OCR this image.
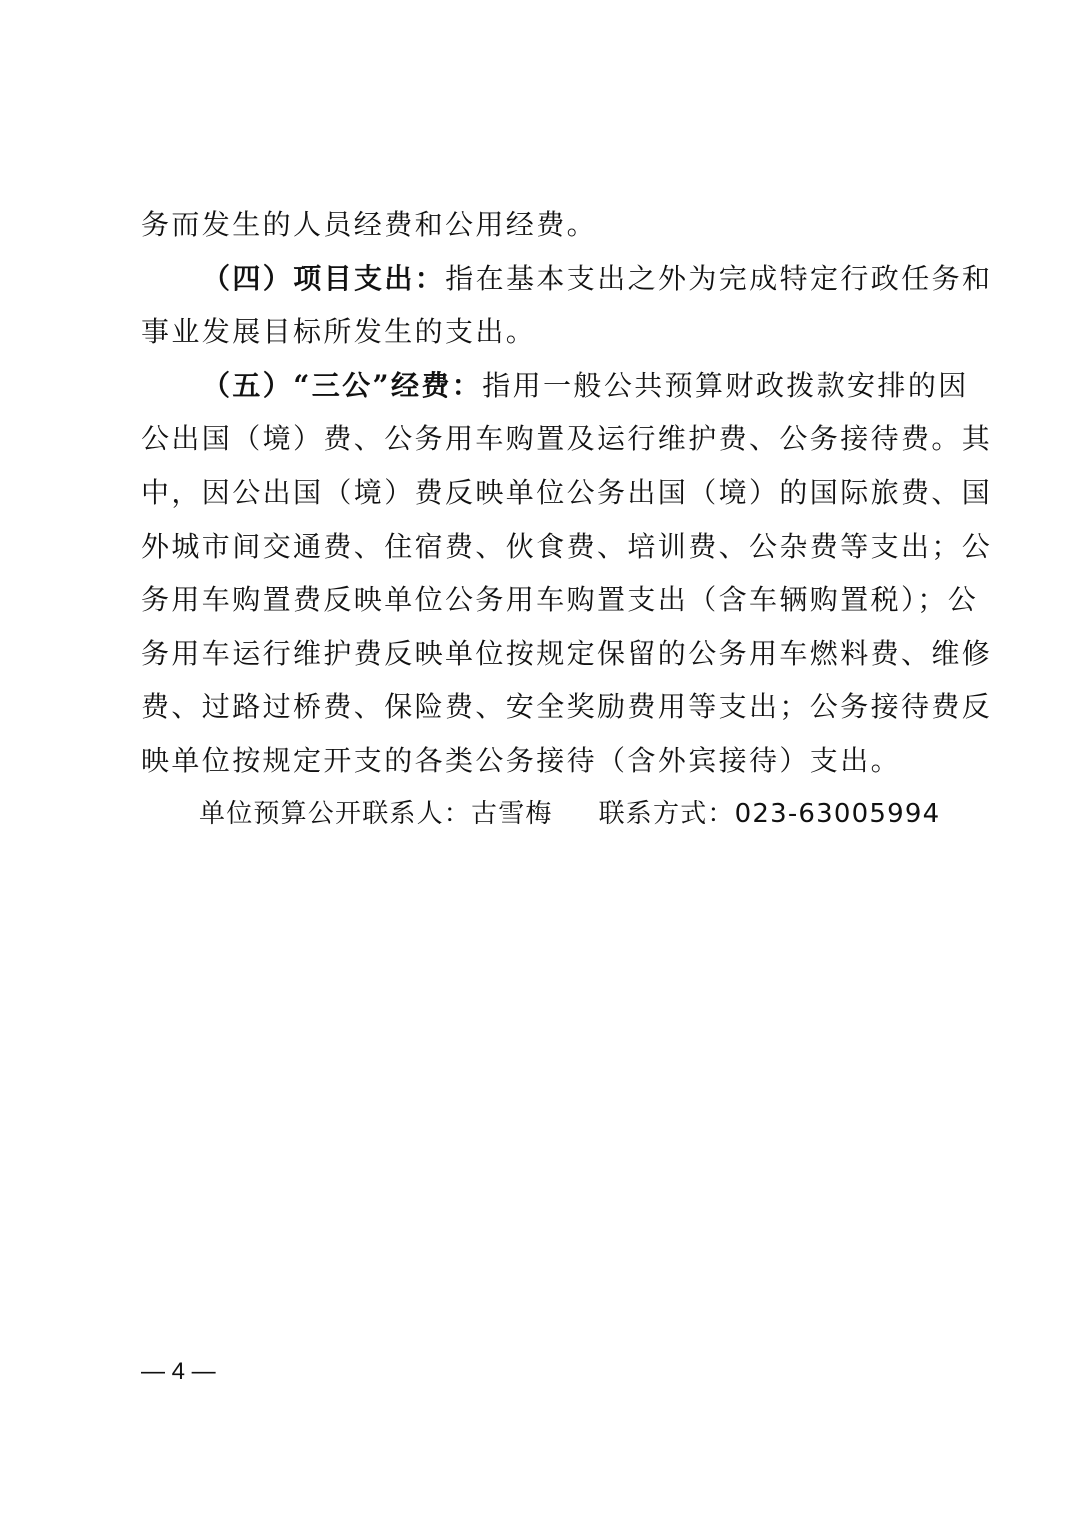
务而发生的人员经费和公用经费。
（四）项目支出：指在基本支出之外为完成特定行政任务和
事业发展目标所发生的支出。
（五）“三公”经费：指用一般公共预算财政拨款安排的因
公出国（境）费、公务用车购置及运行维护费、公务接待费。其
中，因公出国（境）费反映单位公务出国（境）的国际旅费、国
外城市间交通费、住宿费、伙食费、培训费、公杂费等支出；公
务用车购置费反映单位公务用车购置支出（含车辆购置税）；公
务用车运行维护费反映单位按规定保留的公务用车燃料费、维修
费、过路过桥费、保险费、安全奖励费用等支出；公务接待费反
映单位按规定开支的各类公务接待（含外宾接待）支出。
单位预算公开联系人：古雪梅 联系方式：023-63005994
— 4 —
